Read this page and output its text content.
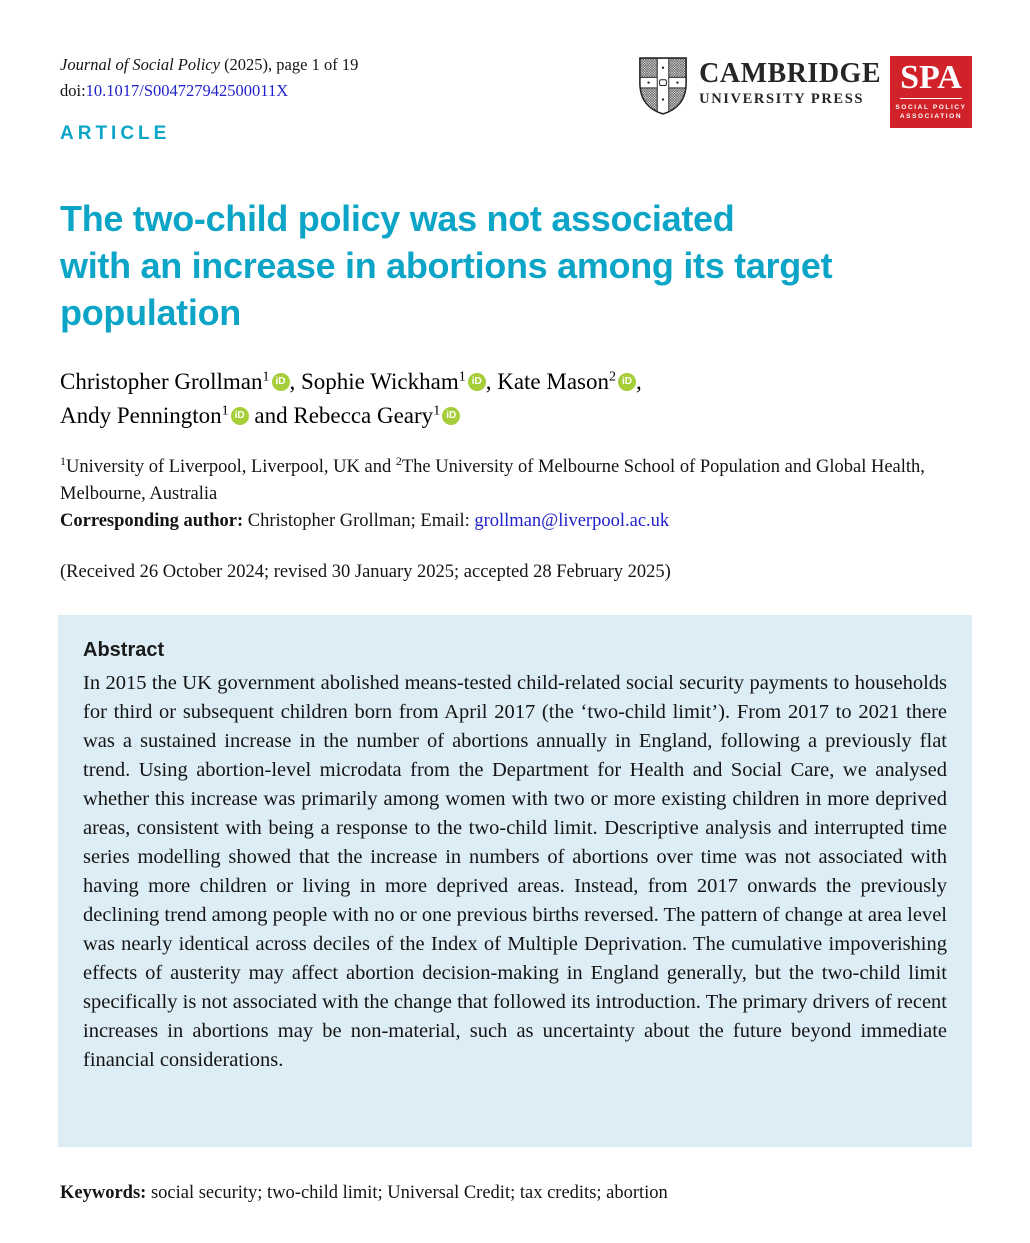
Journal of Social Policy (2025), page 1 of 19
doi:10.1017/S004727942500011X
ARTICLE
CAMBRIDGE
UNIVERSITY PRESS
SPA
SOCIAL POLICY
ASSOCIATION
The two-child policy was not associated
with an increase in abortions among its target
population
Christopher Grollman$^1$ iD , Sophie Wickham$^1$ iD , Kate Mason$^2$ iD ,
Andy Pennington$^1$ iD and Rebecca Geary$^1$ iD
$^1$University of Liverpool, Liverpool, UK and $^2$The University of Melbourne School of Population and Global Health, Melbourne, Australia
Corresponding author: Christopher Grollman; Email: grollman@liverpool.ac.uk
(Received 26 October 2024; revised 30 January 2025; accepted 28 February 2025)
Abstract
In 2015 the UK government abolished means-tested child-related social security payments to households for third or subsequent children born from April 2017 (the ‘two-child limit’). From 2017 to 2021 there was a sustained increase in the number of abortions annually in England, following a previously flat trend. Using abortion-level microdata from the Department for Health and Social Care, we analysed whether this increase was primarily among women with two or more existing children in more deprived areas, consistent with being a response to the two-child limit. Descriptive analysis and interrupted time series modelling showed that the increase in numbers of abortions over time was not associated with having more children or living in more deprived areas. Instead, from 2017 onwards the previously declining trend among people with no or one previous births reversed. The pattern of change at area level was nearly identical across deciles of the Index of Multiple Deprivation. The cumulative impoverishing effects of austerity may affect abortion decision-making in England generally, but the two-child limit specifically is not associated with the change that followed its introduction. The primary drivers of recent increases in abortions may be non-material, such as uncertainty about the future beyond immediate financial considerations.
Keywords: social security; two-child limit; Universal Credit; tax credits; abortion
